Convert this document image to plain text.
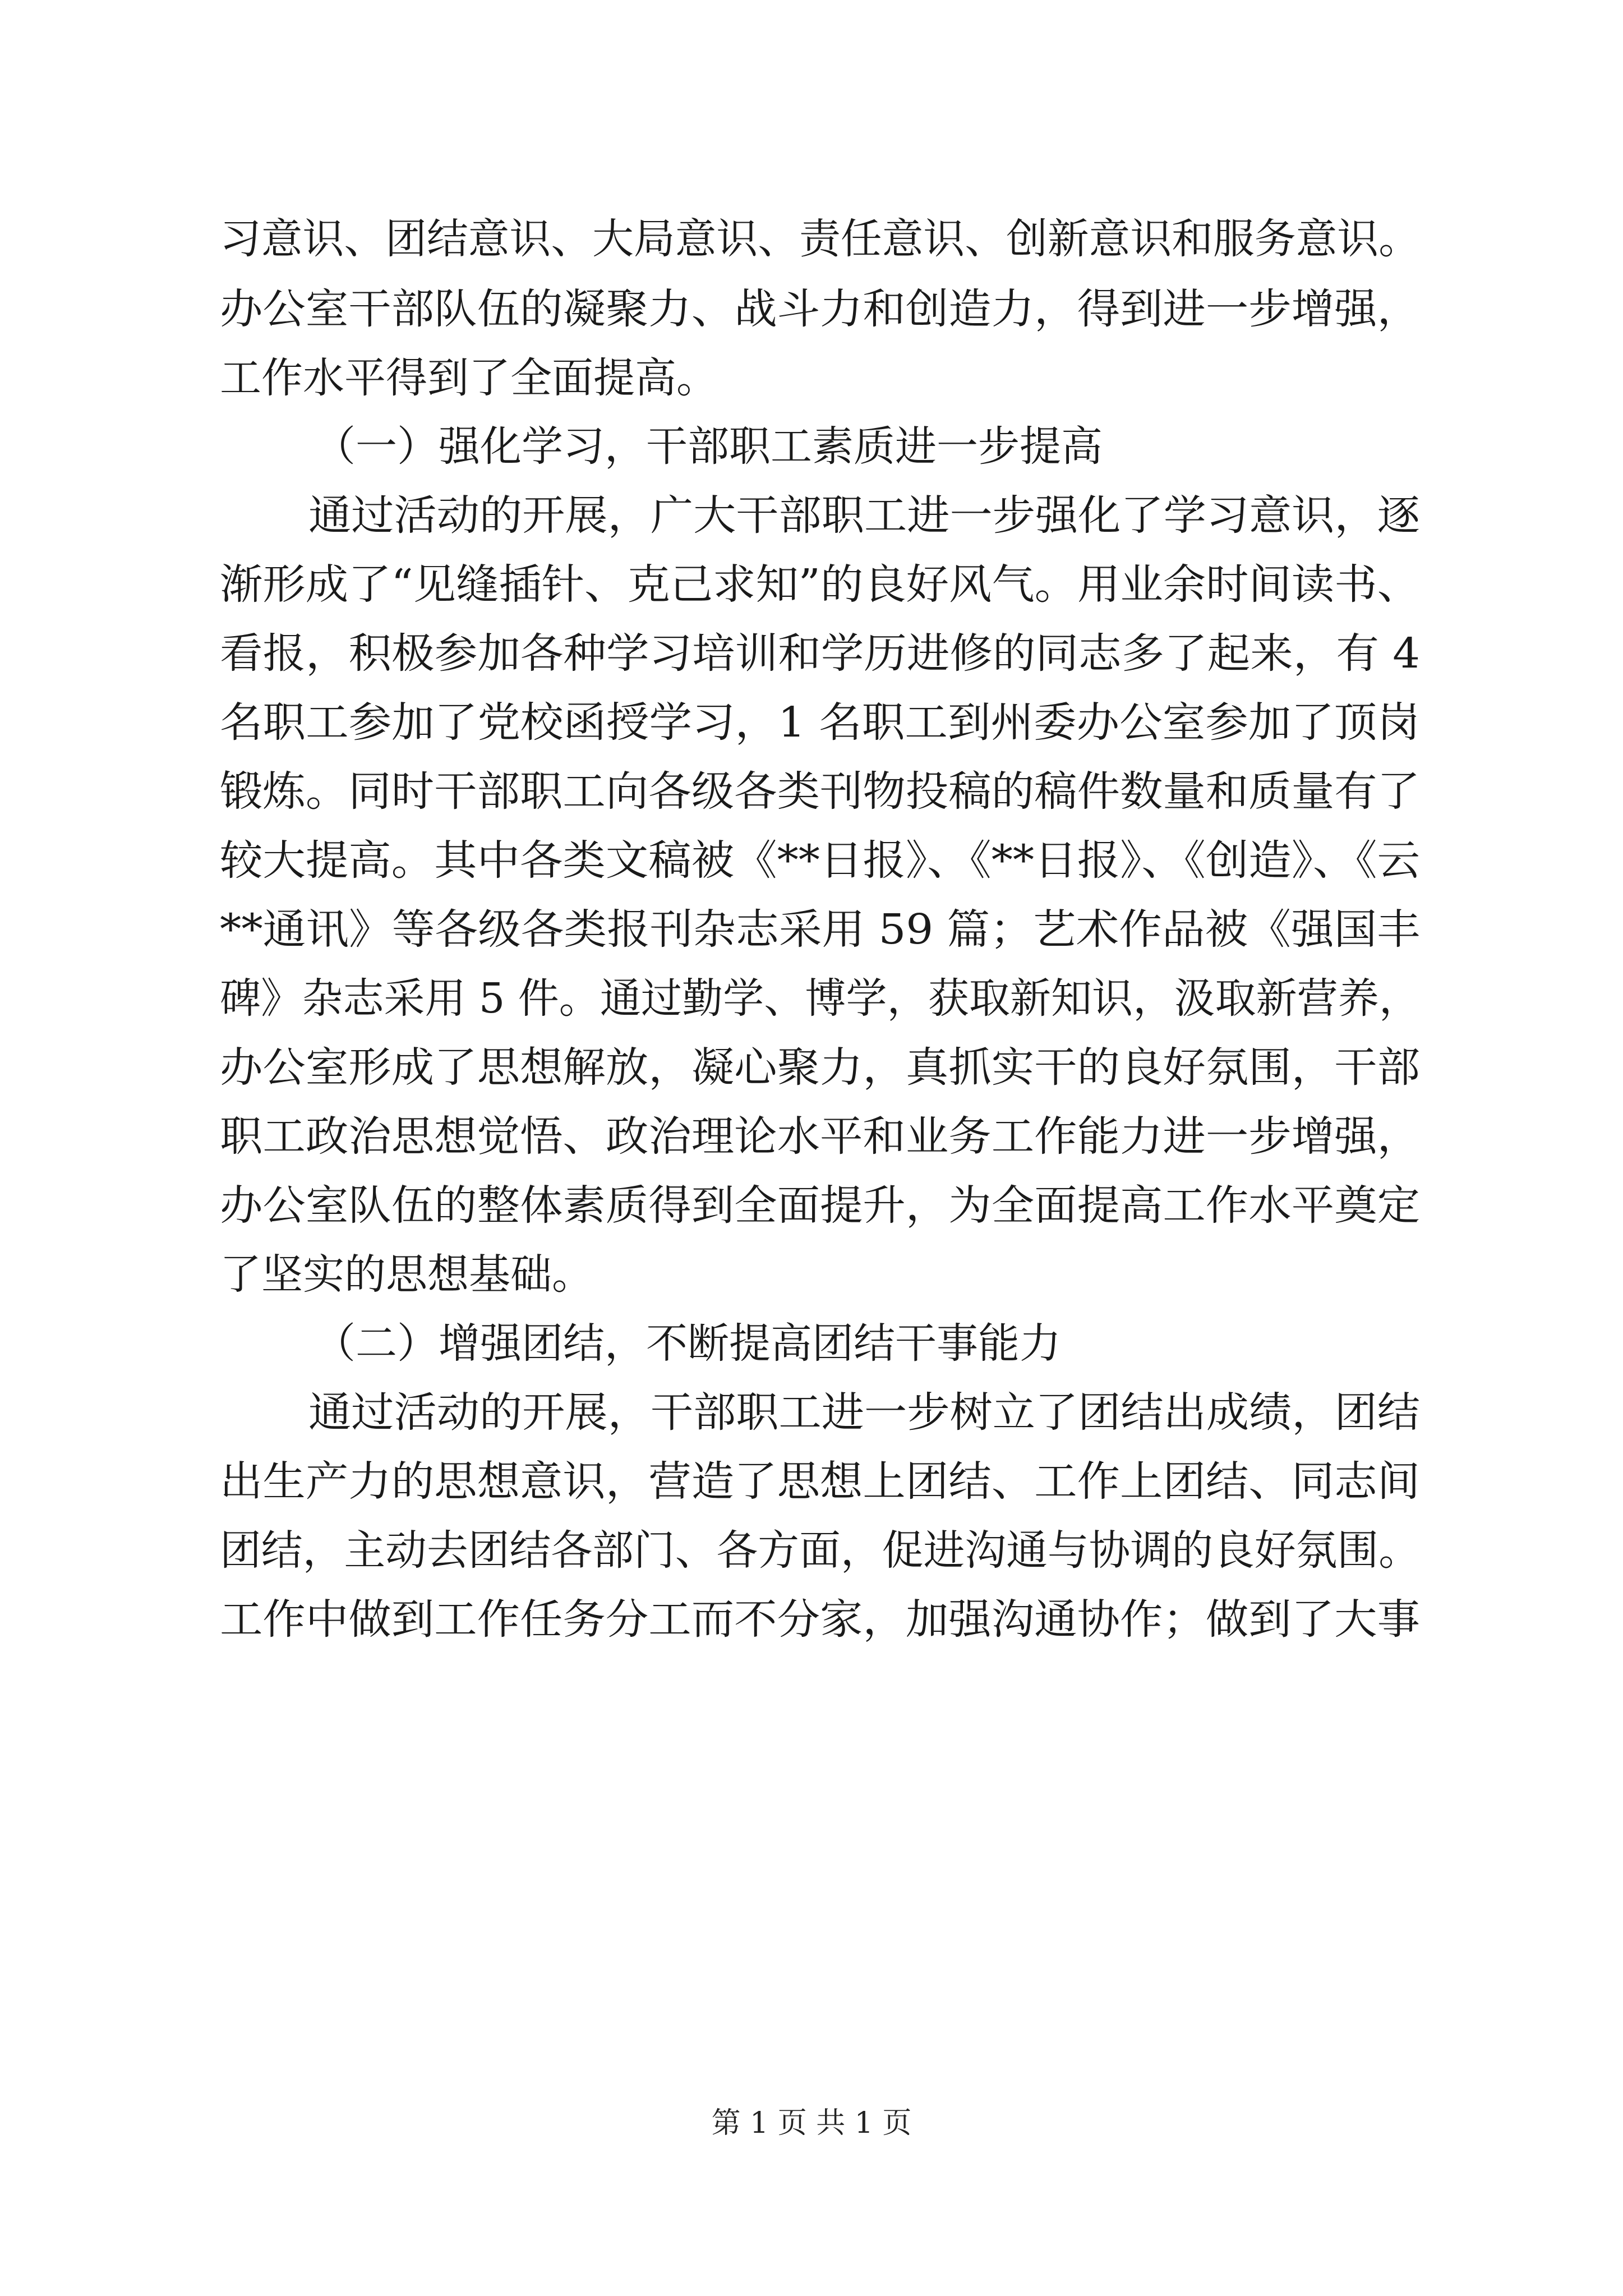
习意识、团结意识、大局意识、责任意识、创新意识和服务意识。
办公室干部队伍的凝聚力、战斗力和创造力，得到进一步增强，
工作水平得到了全面提高。
（一）强化学习，干部职工素质进一步提高
通过活动的开展，广大干部职工进一步强化了学习意识，逐
渐形成了“见缝插针、克己求知”的良好风气。用业余时间读书、
看报，积极参加各种学习培训和学历进修的同志多了起来，有 4
名职工参加了党校函授学习，1 名职工到州委办公室参加了顶岗
锻炼。同时干部职工向各级各类刊物投稿的稿件数量和质量有了
较大提高。其中各类文稿被《**日报》、《**日报》、《创造》、《云
**通讯》等各级各类报刊杂志采用 59 篇；艺术作品被《强国丰
碑》杂志采用 5 件。通过勤学、博学，获取新知识，汲取新营养，
办公室形成了思想解放，凝心聚力，真抓实干的良好氛围，干部
职工政治思想觉悟、政治理论水平和业务工作能力进一步增强，
办公室队伍的整体素质得到全面提升，为全面提高工作水平奠定
了坚实的思想基础。
（二）增强团结，不断提高团结干事能力
通过活动的开展，干部职工进一步树立了团结出成绩，团结
出生产力的思想意识，营造了思想上团结、工作上团结、同志间
团结，主动去团结各部门、各方面，促进沟通与协调的良好氛围。
工作中做到工作任务分工而不分家，加强沟通协作；做到了大事
第 1 页 共 1 页
